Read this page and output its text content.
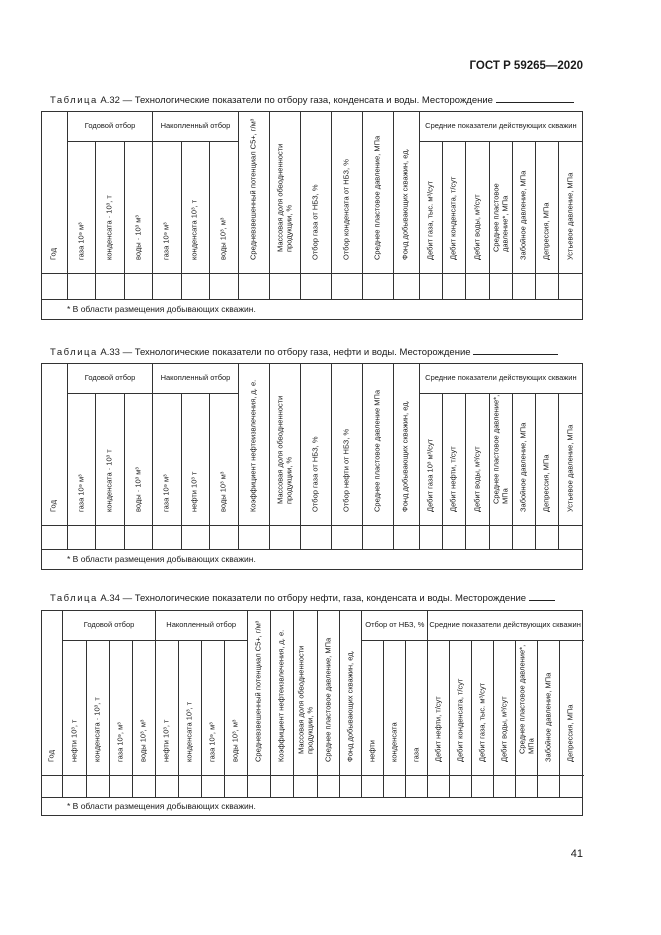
ГОСТ Р 59265—2020
Таблица А.32 — Технологические показатели по отбору газа, конденсата и воды. Месторождение
Год	Годовой отбор			Накопленный отбор			Средневзвешенный потенциал C5+, г/м³	Массовая доля обводненности продукции, %	Отбор газа от НБЗ, %	Отбор конденсата от НБЗ, %	Среднее пластовое давление, МПа	Фонд добывающих скважин, ед.	Средние показатели действующих скважин						

	газа 10⁹ м³	конденсата · 10³, т	воды · 10³ м³	газа 10⁹ м³	конденсата 10³, т	воды 10³, м³							Дебит газа, тыс. м³/сут	Дебит конденсата, т/сут	Дебит воды, м³/сут	Среднее пластовое давление*, МПа	Забойное давление, МПа	Депрессия, МПа	Устьевое давление, МПа

* В области размещения добывающих скважин.																			
Таблица А.33 — Технологические показатели по отбору газа, нефти и воды. Месторождение
Год	Годовой отбор			Накопленный отбор			Коэффициент нефтеизвлечения, д. е.	Массовая доля обводненности продукции, %	Отбор газа от НБЗ, %	Отбор нефти от НБЗ, %	Среднее пластовое давление МПа	Фонд добывающих скважин, ед.	Средние показатели действующих скважин						

	газа 10⁹ м³	конденсата · 10³ т	воды · 10³ м³	газа 10⁹ м³	нефти 10³ т	воды 10³ м³							Дебит газа 10³ м³/сут	Дебит нефти, т/сут	Дебит воды, м³/сут	Среднее пластовое давление*, МПа	Забойное давление, МПа	Депрессия, МПа	Устьевое давление, МПа

* В области размещения добывающих скважин.																			
Таблица А.34 — Технологические показатели по отбору нефти, газа, конденсата и воды. Месторождение
Год	Годовой отбор				Накопленный отбор				Средневзвешенный потенциал C5+, г/м³	Коэффициент нефтеизвлечения, д. е.	Массовая доля обводненности продукции, %	Среднее пластовое давление, МПа	Фонд добывающих скважин, ед.	Отбор от НБЗ, %			Средние показатели действующих скважин							

	нефти 10³, т	конденсата · 10³, т	газа 10⁹, м³	воды 10³, м³	нефти 10³, т	конденсата 10³, т	газа 10⁹, м³	воды 10³, м³						нефти	конденсата	газа	Дебит нефти, т/сут	Дебит конденсата, т/сут	Дебит газа, тыс. м³/сут	Дебит воды, м³/сут	Среднее пластовое давление*, МПа	Забойное давление, МПа	Депрессия, МПа

* В области размещения добывающих скважин.																								
41
